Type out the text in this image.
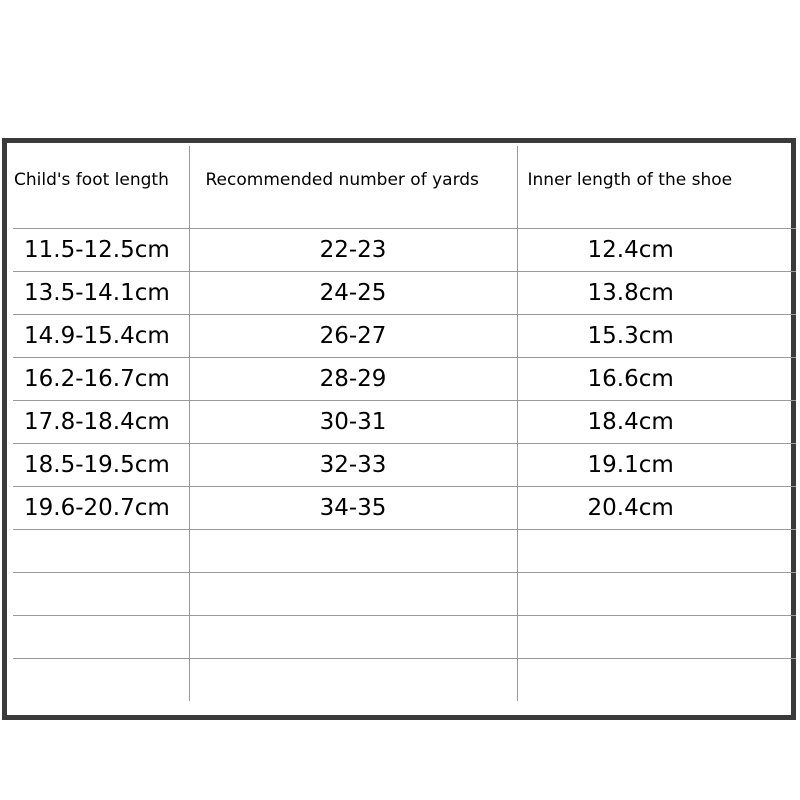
Child's foot length	Recommended number of yards	Inner length of the shoe
11.5-12.5cm	22-23	12.4cm
13.5-14.1cm	24-25	13.8cm
14.9-15.4cm	26-27	15.3cm
16.2-16.7cm	28-29	16.6cm
17.8-18.4cm	30-31	18.4cm
18.5-19.5cm	32-33	19.1cm
19.6-20.7cm	34-35	20.4cm
